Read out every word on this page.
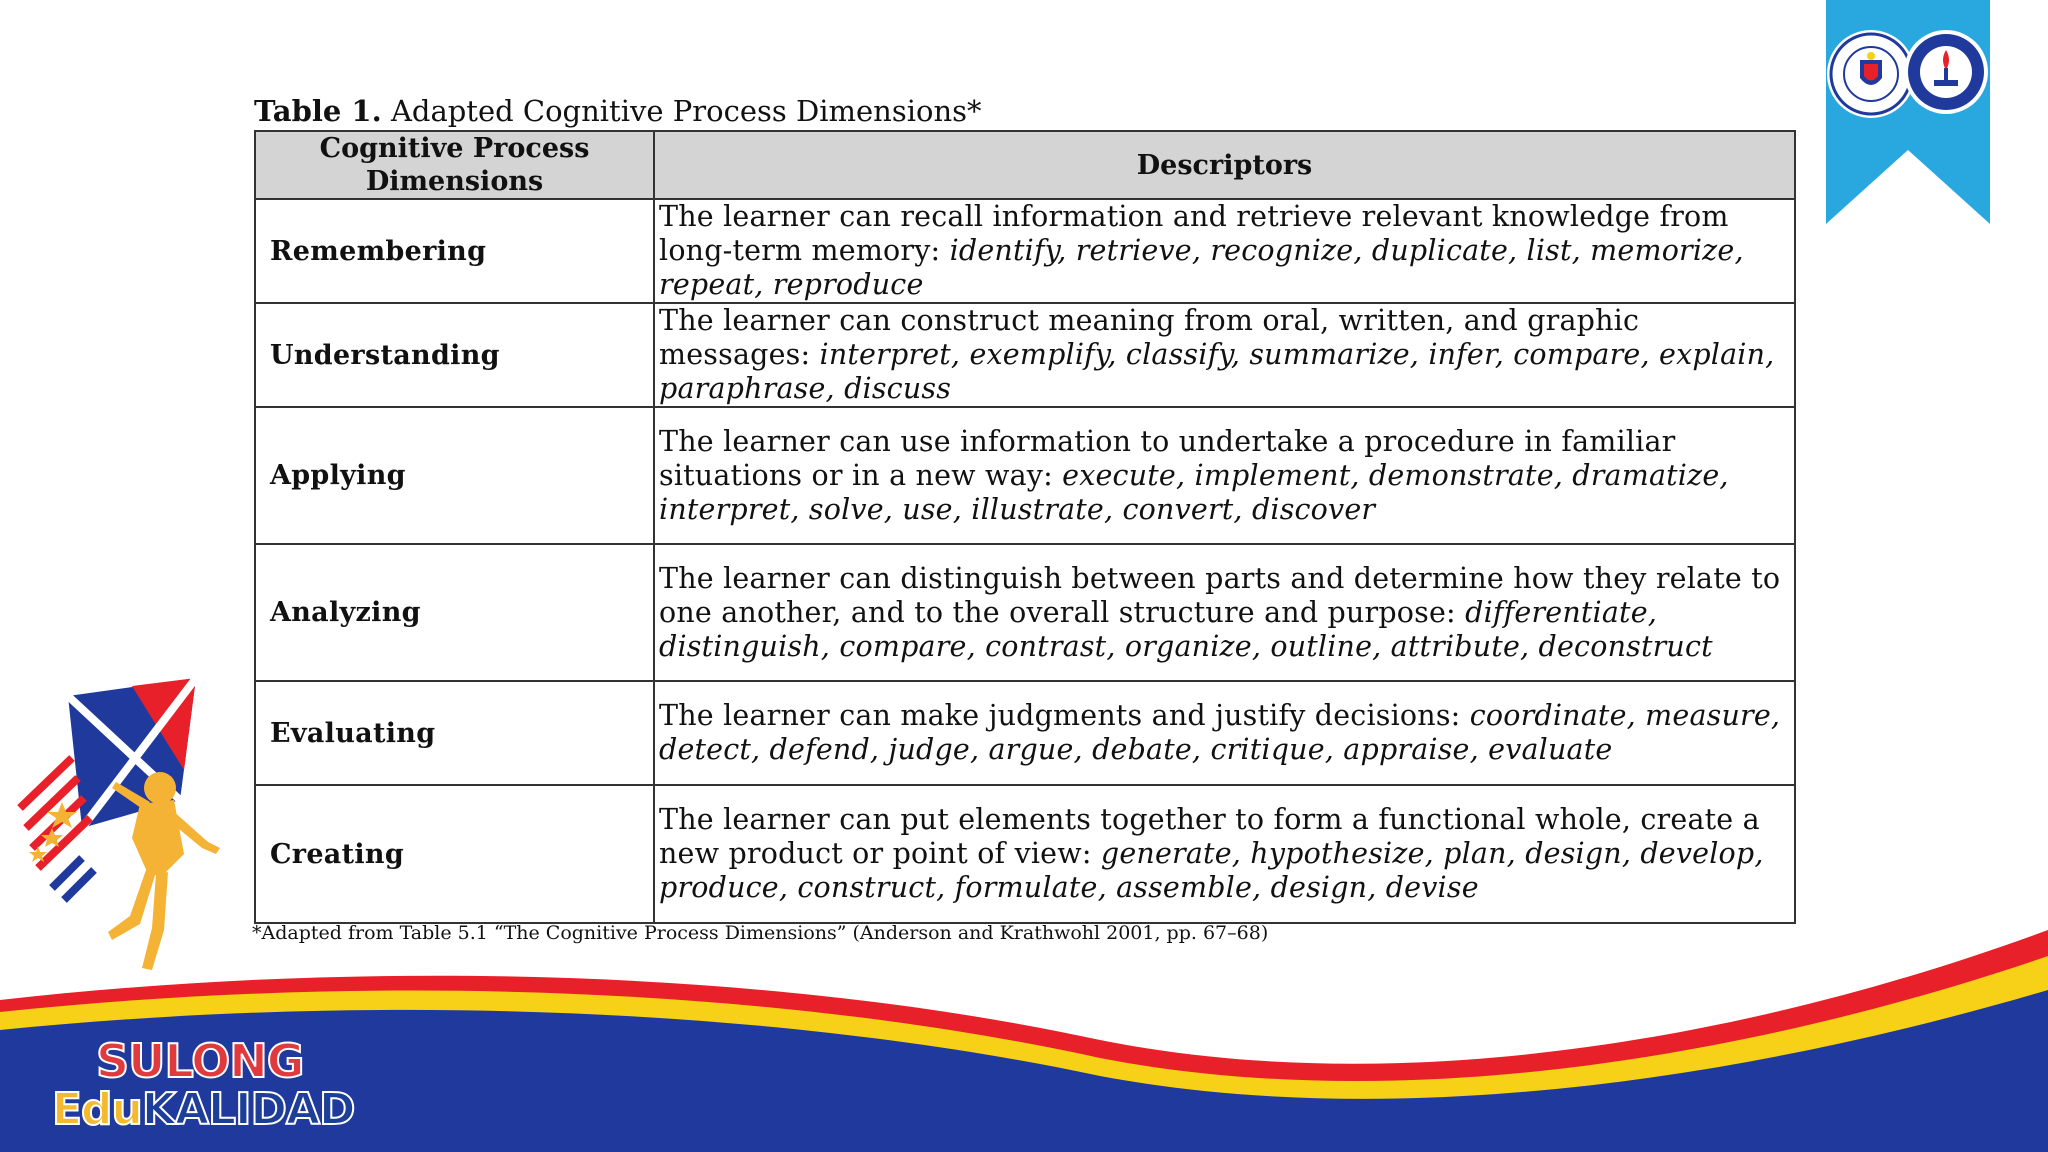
Table 1. Adapted Cognitive Process Dimensions*
Cognitive Process Dimensions	Descriptors
Remembering	The learner can recall information and retrieve relevant knowledge from long-term memory: identify, retrieve, recognize, duplicate, list, memorize, repeat, reproduce
Understanding	The learner can construct meaning from oral, written, and graphic messages: interpret, exemplify, classify, summarize, infer, compare, explain, paraphrase, discuss
Applying	The learner can use information to undertake a procedure in familiar situations or in a new way: execute, implement, demonstrate, dramatize, interpret, solve, use, illustrate, convert, discover
Analyzing	The learner can distinguish between parts and determine how they relate to one another, and to the overall structure and purpose: differentiate, distinguish, compare, contrast, organize, outline, attribute, deconstruct
Evaluating	The learner can make judgments and justify decisions: coordinate, measure, detect, defend, judge, argue, debate, critique, appraise, evaluate
Creating	The learner can put elements together to form a functional whole, create a new product or point of view: generate, hypothesize, plan, design, develop, produce, construct, formulate, assemble, design, devise
*Adapted from Table 5.1 “The Cognitive Process Dimensions” (Anderson and Krathwohl 2001, pp. 67–68)
SULONG
EduKALIDAD
